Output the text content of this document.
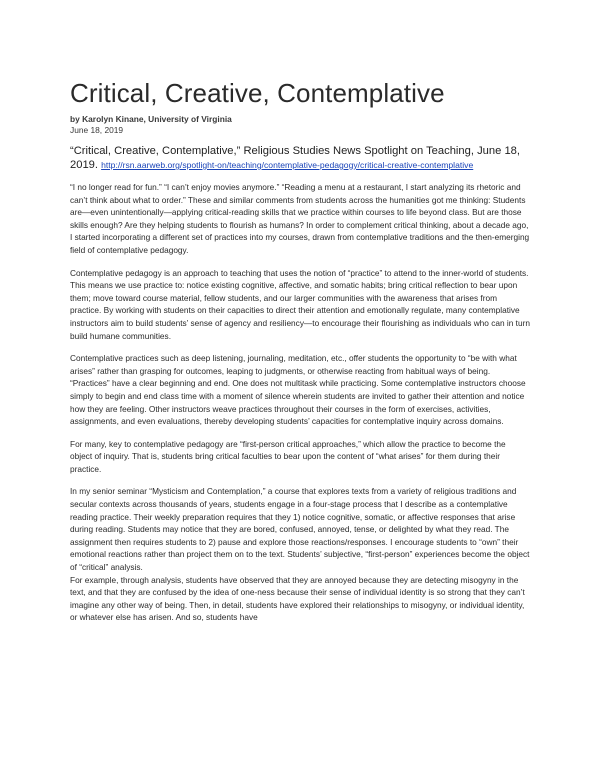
Critical, Creative, Contemplative
by Karolyn Kinane, University of Virginia
June 18, 2019
“Critical, Creative, Contemplative,” Religious Studies News Spotlight on Teaching, June 18, 2019. http://rsn.aarweb.org/spotlight-on/teaching/contemplative-pedagogy/critical-creative-contemplative

“I no longer read for fun.” “I can’t enjoy movies anymore.” “Reading a menu at a restaurant, I start analyzing its rhetoric and can’t think about what to order.” These and similar comments from students across the humanities got me thinking: Students are—even unintentionally—applying critical-reading skills that we practice within courses to life beyond class. But are those skills enough? Are they helping students to flourish as humans? In order to complement critical thinking, about a decade ago, I started incorporating a different set of practices into my courses, drawn from contemplative traditions and the then-emerging field of contemplative pedagogy.

Contemplative pedagogy is an approach to teaching that uses the notion of “practice” to attend to the inner-world of students. This means we use practice to: notice existing cognitive, affective, and somatic habits; bring critical reflection to bear upon them; move toward course material, fellow students, and our larger communities with the awareness that arises from practice. By working with students on their capacities to direct their attention and emotionally regulate, many contemplative instructors aim to build students’ sense of agency and resiliency—to encourage their flourishing as individuals who can in turn build humane communities.

Contemplative practices such as deep listening, journaling, meditation, etc., offer students the opportunity to “be with what arises” rather than grasping for outcomes, leaping to judgments, or otherwise reacting from habitual ways of being. “Practices” have a clear beginning and end. One does not multitask while practicing. Some contemplative instructors choose simply to begin and end class time with a moment of silence wherein students are invited to gather their attention and notice how they are feeling. Other instructors weave practices throughout their courses in the form of exercises, activities, assignments, and even evaluations, thereby developing students’ capacities for contemplative inquiry across domains.

For many, key to contemplative pedagogy are “first-person critical approaches,” which allow the practice to become the object of inquiry. That is, students bring critical faculties to bear upon the content of “what arises” for them during their practice.

In my senior seminar “Mysticism and Contemplation,” a course that explores texts from a variety of religious traditions and secular contexts across thousands of years, students engage in a four-stage process that I describe as a contemplative reading practice. Their weekly preparation requires that they 1) notice cognitive, somatic, or affective responses that arise during reading. Students may notice that they are bored, confused, annoyed, tense, or delighted by what they read. The assignment then requires students to 2) pause and explore those reactions/responses. I encourage students to “own” their emotional reactions rather than project them on to the text. Students’ subjective, “first-person” experiences become the object of “critical” analysis.

For example, through analysis, students have observed that they are annoyed because they are detecting misogyny in the text, and that they are confused by the idea of one-ness because their sense of individual identity is so strong that they can’t imagine any other way of being. Then, in detail, students have explored their relationships to misogyny, or individual identity, or whatever else has arisen. And so, students have
